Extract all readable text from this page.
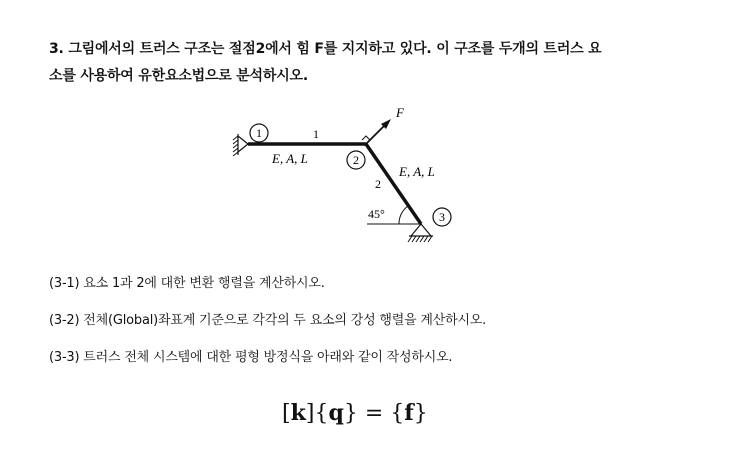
3. 그림에서의 트러스 구조는 절점2에서 힘 F를 지지하고 있다. 이 구조를 두개의 트러스 요
소를 사용하여 유한요소법으로 분석하시오.
F
1
2
3
1
2
E, A, L
E, A, L
45°
(3-1) 요소 1과 2에 대한 변환 행렬을 계산하시오.
(3-2) 전체(Global)좌표계 기준으로 각각의 두 요소의 강성 행렬을 계산하시오.
(3-3) 트러스 전체 시스템에 대한 평형 방정식을 아래와 같이 작성하시오.
[k]{q} = {f}
